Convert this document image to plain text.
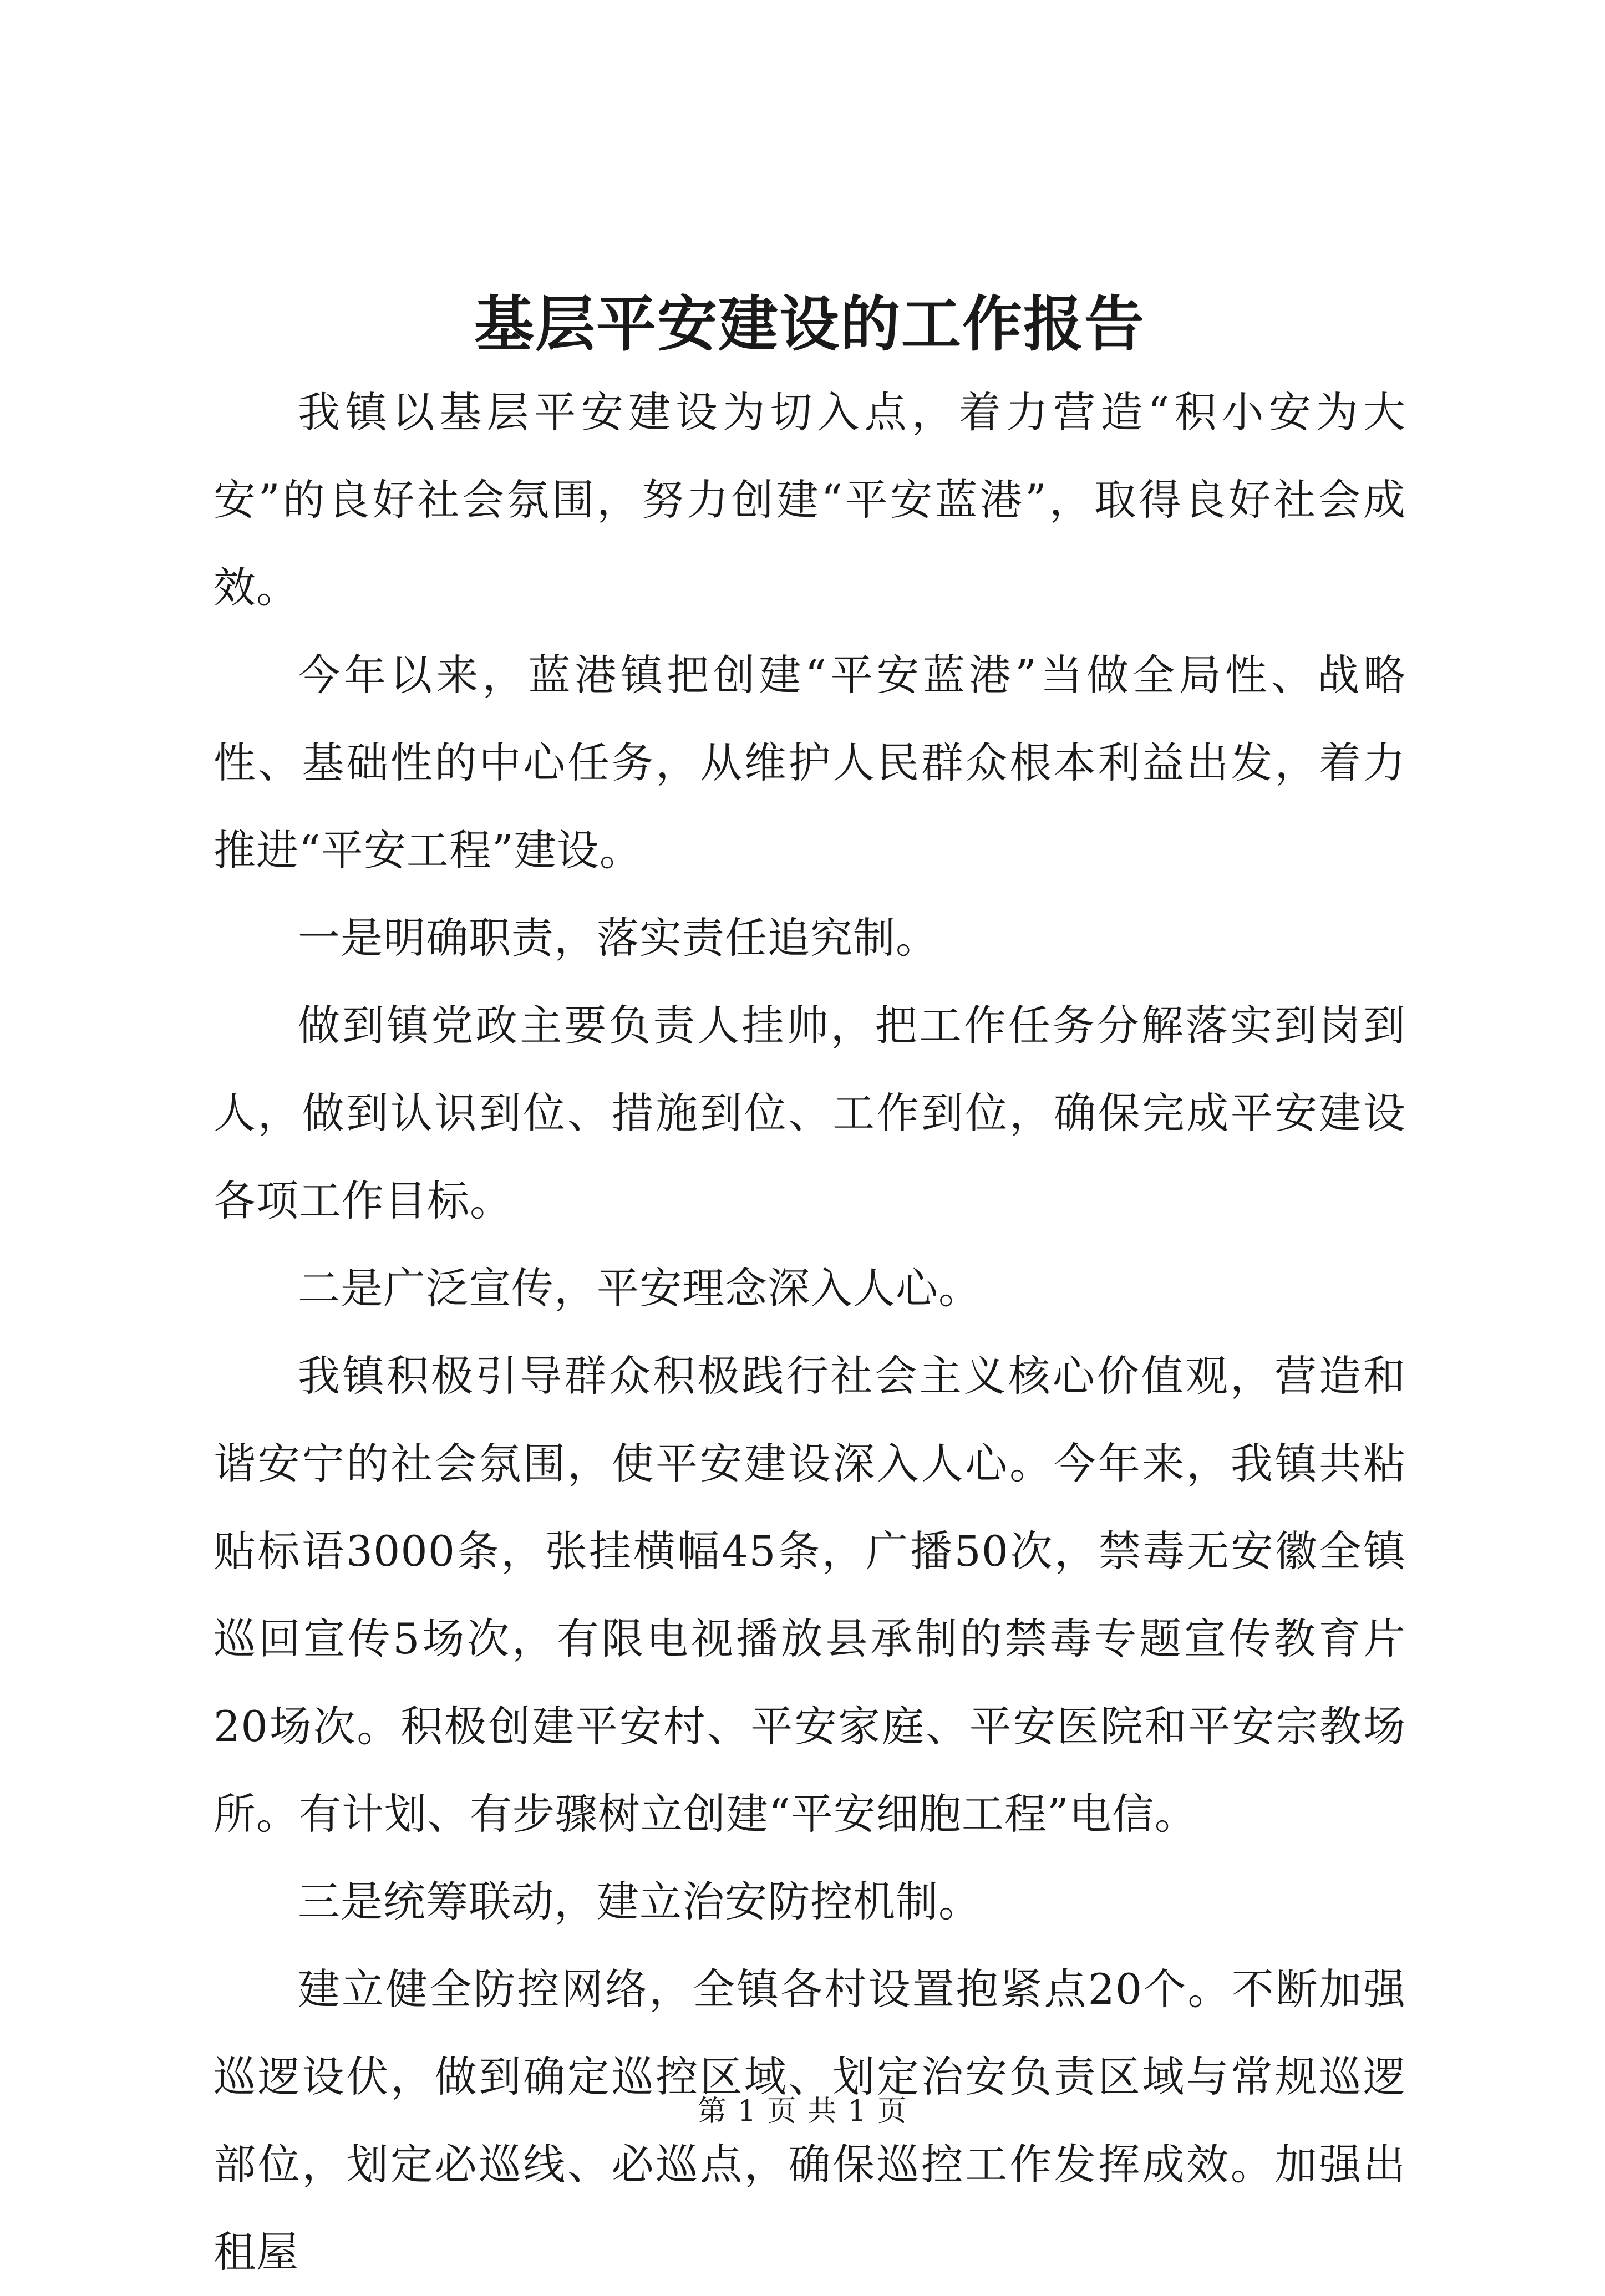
基层平安建设的工作报告

我镇以基层平安建设为切入点，着力营造“积小安为大安”的良好社会氛围，努力创建“平安蓝港”，取得良好社会成效。

今年以来，蓝港镇把创建“平安蓝港”当做全局性、战略性、基础性的中心任务，从维护人民群众根本利益出发，着力推进“平安工程”建设。

一是明确职责，落实责任追究制。

做到镇党政主要负责人挂帅，把工作任务分解落实到岗到人，做到认识到位、措施到位、工作到位，确保完成平安建设各项工作目标。

二是广泛宣传，平安理念深入人心。

我镇积极引导群众积极践行社会主义核心价值观，营造和谐安宁的社会氛围，使平安建设深入人心。今年来，我镇共粘贴标语3000条，张挂横幅45条，广播50次，禁毒无安徽全镇巡回宣传5场次，有限电视播放县承制的禁毒专题宣传教育片20场次。积极创建平安村、平安家庭、平安医院和平安宗教场所。有计划、有步骤树立创建“平安细胞工程”电信。

三是统筹联动，建立治安防控机制。

建立健全防控网络，全镇各村设置抱紧点20个。不断加强巡逻设伏，做到确定巡控区域、划定治安负责区域与常规巡逻部位，划定必巡线、必巡点，确保巡控工作发挥成效。加强出租屋

第 1 页 共 1 页
